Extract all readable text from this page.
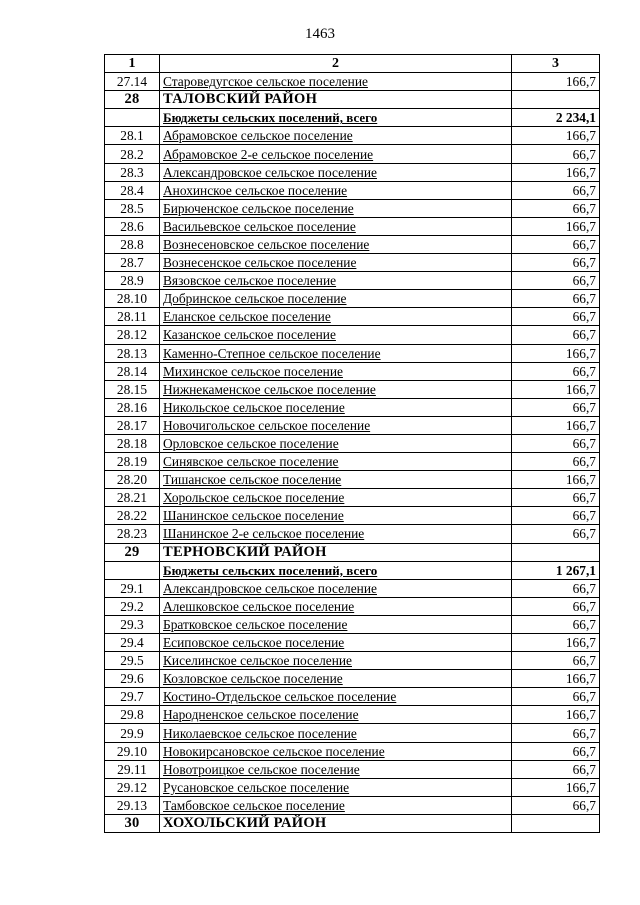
1463
1	2	3
27.14	Староведугское сельское поселение	166,7
28	ТАЛОВСКИЙ РАЙОН	
	Бюджеты сельских поселений, всего	2 234,1
28.1	Абрамовское сельское поселение	166,7
28.2	Абрамовское 2-е сельское поселение	66,7
28.3	Александровское сельское поселение	166,7
28.4	Анохинское сельское поселение	66,7
28.5	Бирюченское сельское поселение	66,7
28.6	Васильевское сельское поселение	166,7
28.8	Вознесеновское сельское поселение	66,7
28.7	Вознесенское сельское поселение	66,7
28.9	Вязовское сельское поселение	66,7
28.10	Добринское сельское поселение	66,7
28.11	Еланское сельское поселение	66,7
28.12	Казанское сельское поселение	66,7
28.13	Каменно-Степное сельское поселение	166,7
28.14	Михинское сельское поселение	66,7
28.15	Нижнекаменское сельское поселение	166,7
28.16	Никольское сельское поселение	66,7
28.17	Новочигольское сельское поселение	166,7
28.18	Орловское сельское поселение	66,7
28.19	Синявское сельское поселение	66,7
28.20	Тишанское сельское поселение	166,7
28.21	Хорольское сельское поселение	66,7
28.22	Шанинское сельское поселение	66,7
28.23	Шанинское 2-е сельское поселение	66,7
29	ТЕРНОВСКИЙ РАЙОН	
	Бюджеты сельских поселений, всего	1 267,1
29.1	Александровское сельское поселение	66,7
29.2	Алешковское сельское поселение	66,7
29.3	Братковское сельское поселение	66,7
29.4	Есиповское сельское поселение	166,7
29.5	Киселинское сельское поселение	66,7
29.6	Козловское сельское поселение	166,7
29.7	Костино-Отдельское сельское поселение	66,7
29.8	Народненское сельское поселение	166,7
29.9	Николаевское сельское поселение	66,7
29.10	Новокирсановское сельское поселение	66,7
29.11	Новотроицкое сельское поселение	66,7
29.12	Русановское сельское поселение	166,7
29.13	Тамбовское сельское поселение	66,7
30	ХОХОЛЬСКИЙ РАЙОН	
